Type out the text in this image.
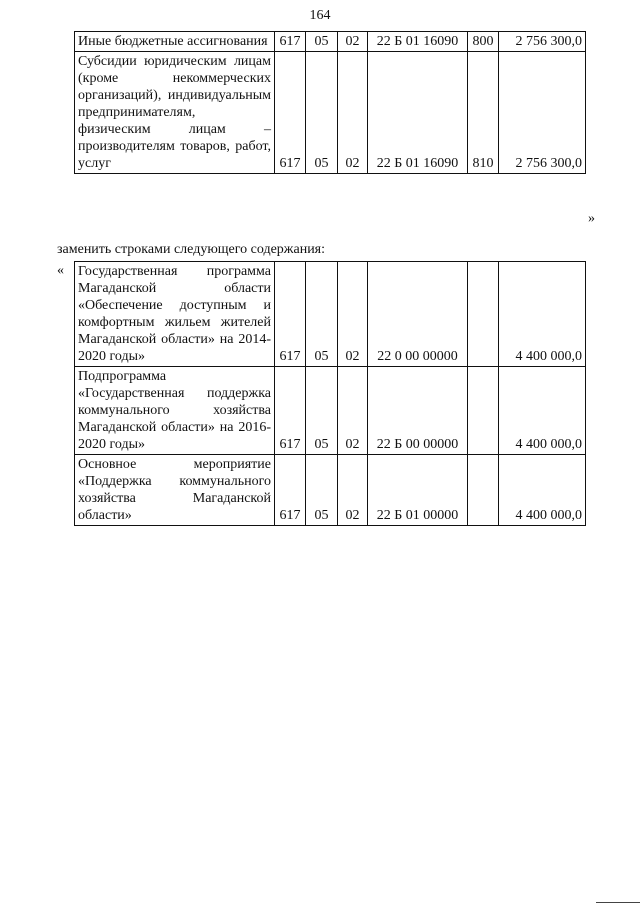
164
Иные бюджетные ассигнования	617	05	02	22 Б 01 16090	800	2 756 300,0
Субсидии юридическим лицам (кроме некоммерческих организаций), индивидуальным предпринимателям, физическим лицам – производителям товаров, работ, услуг	617	05	02	22 Б 01 16090	810	2 756 300,0
»
заменить строками следующего содержания:
« Государственная программа Магаданской области «Обеспечение доступным и комфортным жильем жителей Магаданской области» на 2014-2020 годы»	617	05	02	22 0 00 00000		4 400 000,0
Подпрограмма «Государственная поддержка коммунального хозяйства Магаданской области» на 2016-2020 годы»	617	05	02	22 Б 00 00000		4 400 000,0
Основное мероприятие «Поддержка коммунального хозяйства Магаданской области»	617	05	02	22 Б 01 00000		4 400 000,0
